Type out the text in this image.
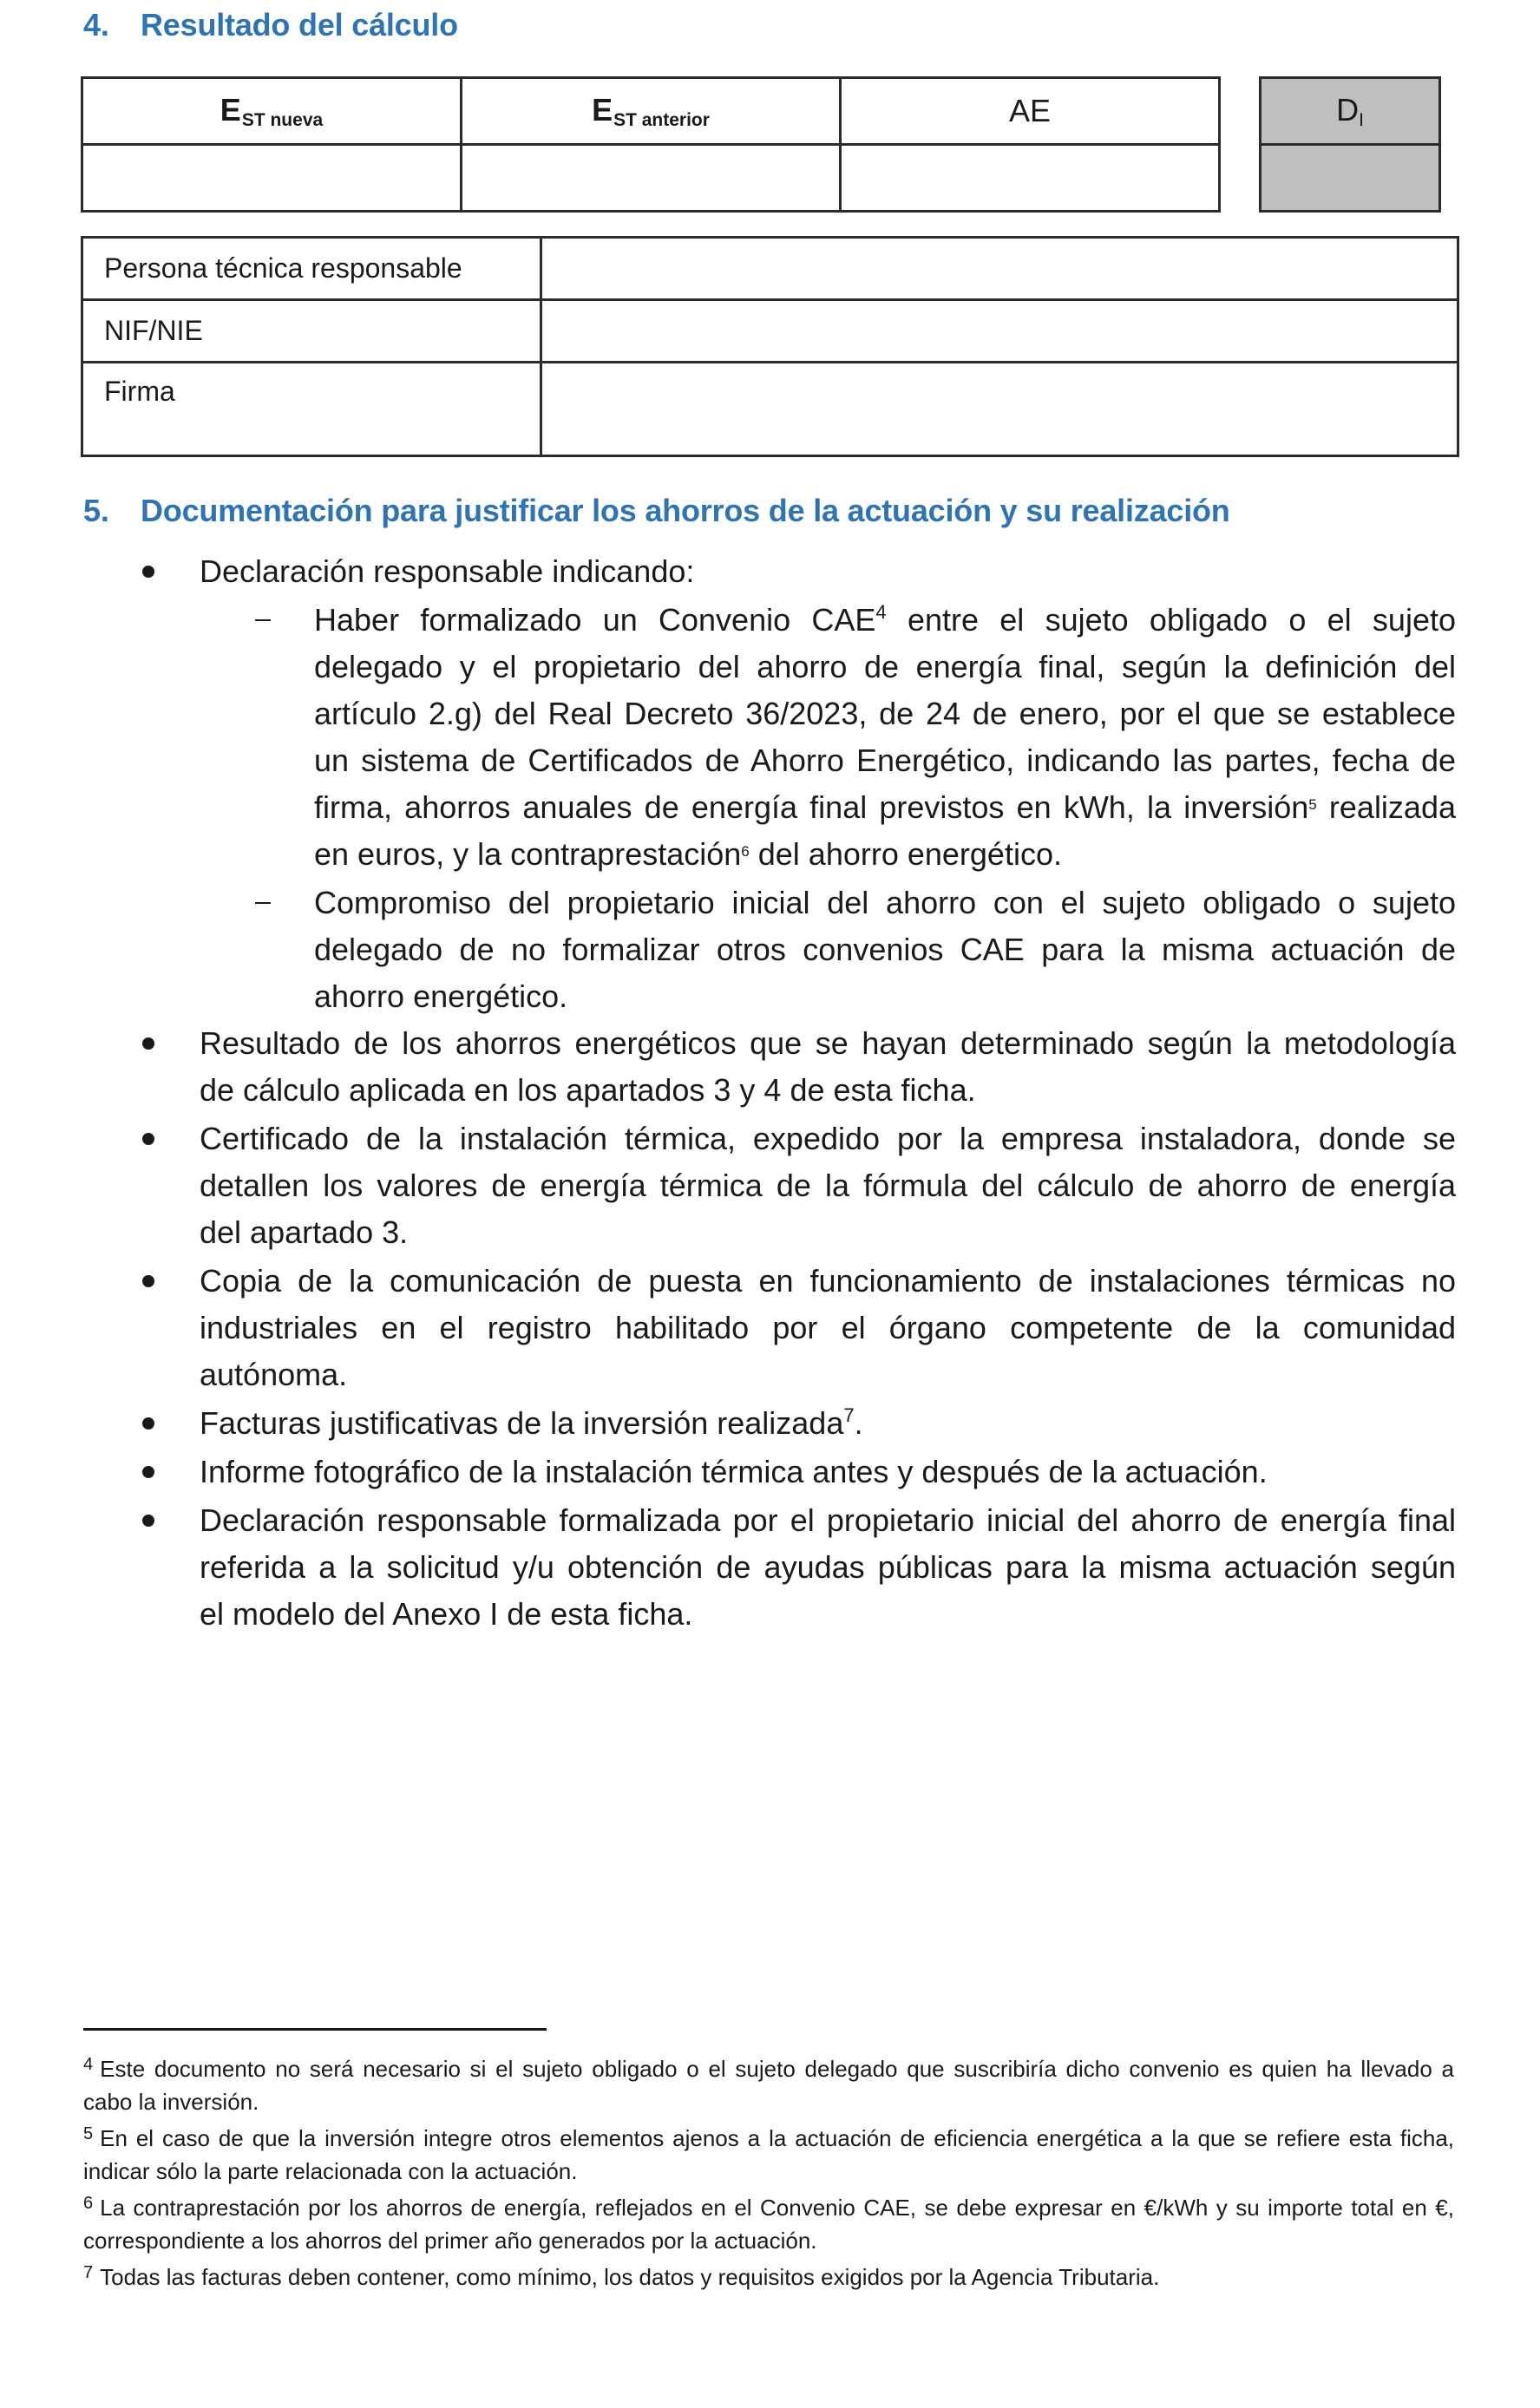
4. Resultado del cálculo
$E_{ST nueva}$	$E_{ST anterior}$	AE		DI

Persona técnica responsable	
NIF/NIE	
Firma	
5. Documentación para justificar los ahorros de la actuación y su realización
Declaración responsable indicando:
Haber formalizado un Convenio CAE$^4$ entre el sujeto obligado o el sujeto
delegado y el propietario del ahorro de energía final, según la definición del
artículo 2.g) del Real Decreto 36/2023, de 24 de enero, por el que se establece
un sistema de Certificados de Ahorro Energético, indicando las partes, fecha de
firma, ahorros anuales de energía final previstos en kWh, la inversión$^5$ realizada
en euros, y la contraprestación$^6$ del ahorro energético.
Compromiso del propietario inicial del ahorro con el sujeto obligado o sujeto
delegado de no formalizar otros convenios CAE para la misma actuación de
ahorro energético.
Resultado de los ahorros energéticos que se hayan determinado según la metodología
de cálculo aplicada en los apartados 3 y 4 de esta ficha.
Certificado de la instalación térmica, expedido por la empresa instaladora, donde se
detallen los valores de energía térmica de la fórmula del cálculo de ahorro de energía
del apartado 3.
Copia de la comunicación de puesta en funcionamiento de instalaciones térmicas no
industriales en el registro habilitado por el órgano competente de la comunidad
autónoma.
Facturas justificativas de la inversión realizada$^7$.
Informe fotográfico de la instalación térmica antes y después de la actuación.
Declaración responsable formalizada por el propietario inicial del ahorro de energía final
referida a la solicitud y/u obtención de ayudas públicas para la misma actuación según
el modelo del Anexo I de esta ficha.
$^4$ Este documento no será necesario si el sujeto obligado o el sujeto delegado que suscribiría dicho convenio es quien ha llevado a
cabo la inversión.
$^5$ En el caso de que la inversión integre otros elementos ajenos a la actuación de eficiencia energética a la que se refiere esta ficha,
indicar sólo la parte relacionada con la actuación.
$^6$ La contraprestación por los ahorros de energía, reflejados en el Convenio CAE, se debe expresar en €/kWh y su importe total en €,
correspondiente a los ahorros del primer año generados por la actuación.
$^7$ Todas las facturas deben contener, como mínimo, los datos y requisitos exigidos por la Agencia Tributaria.
